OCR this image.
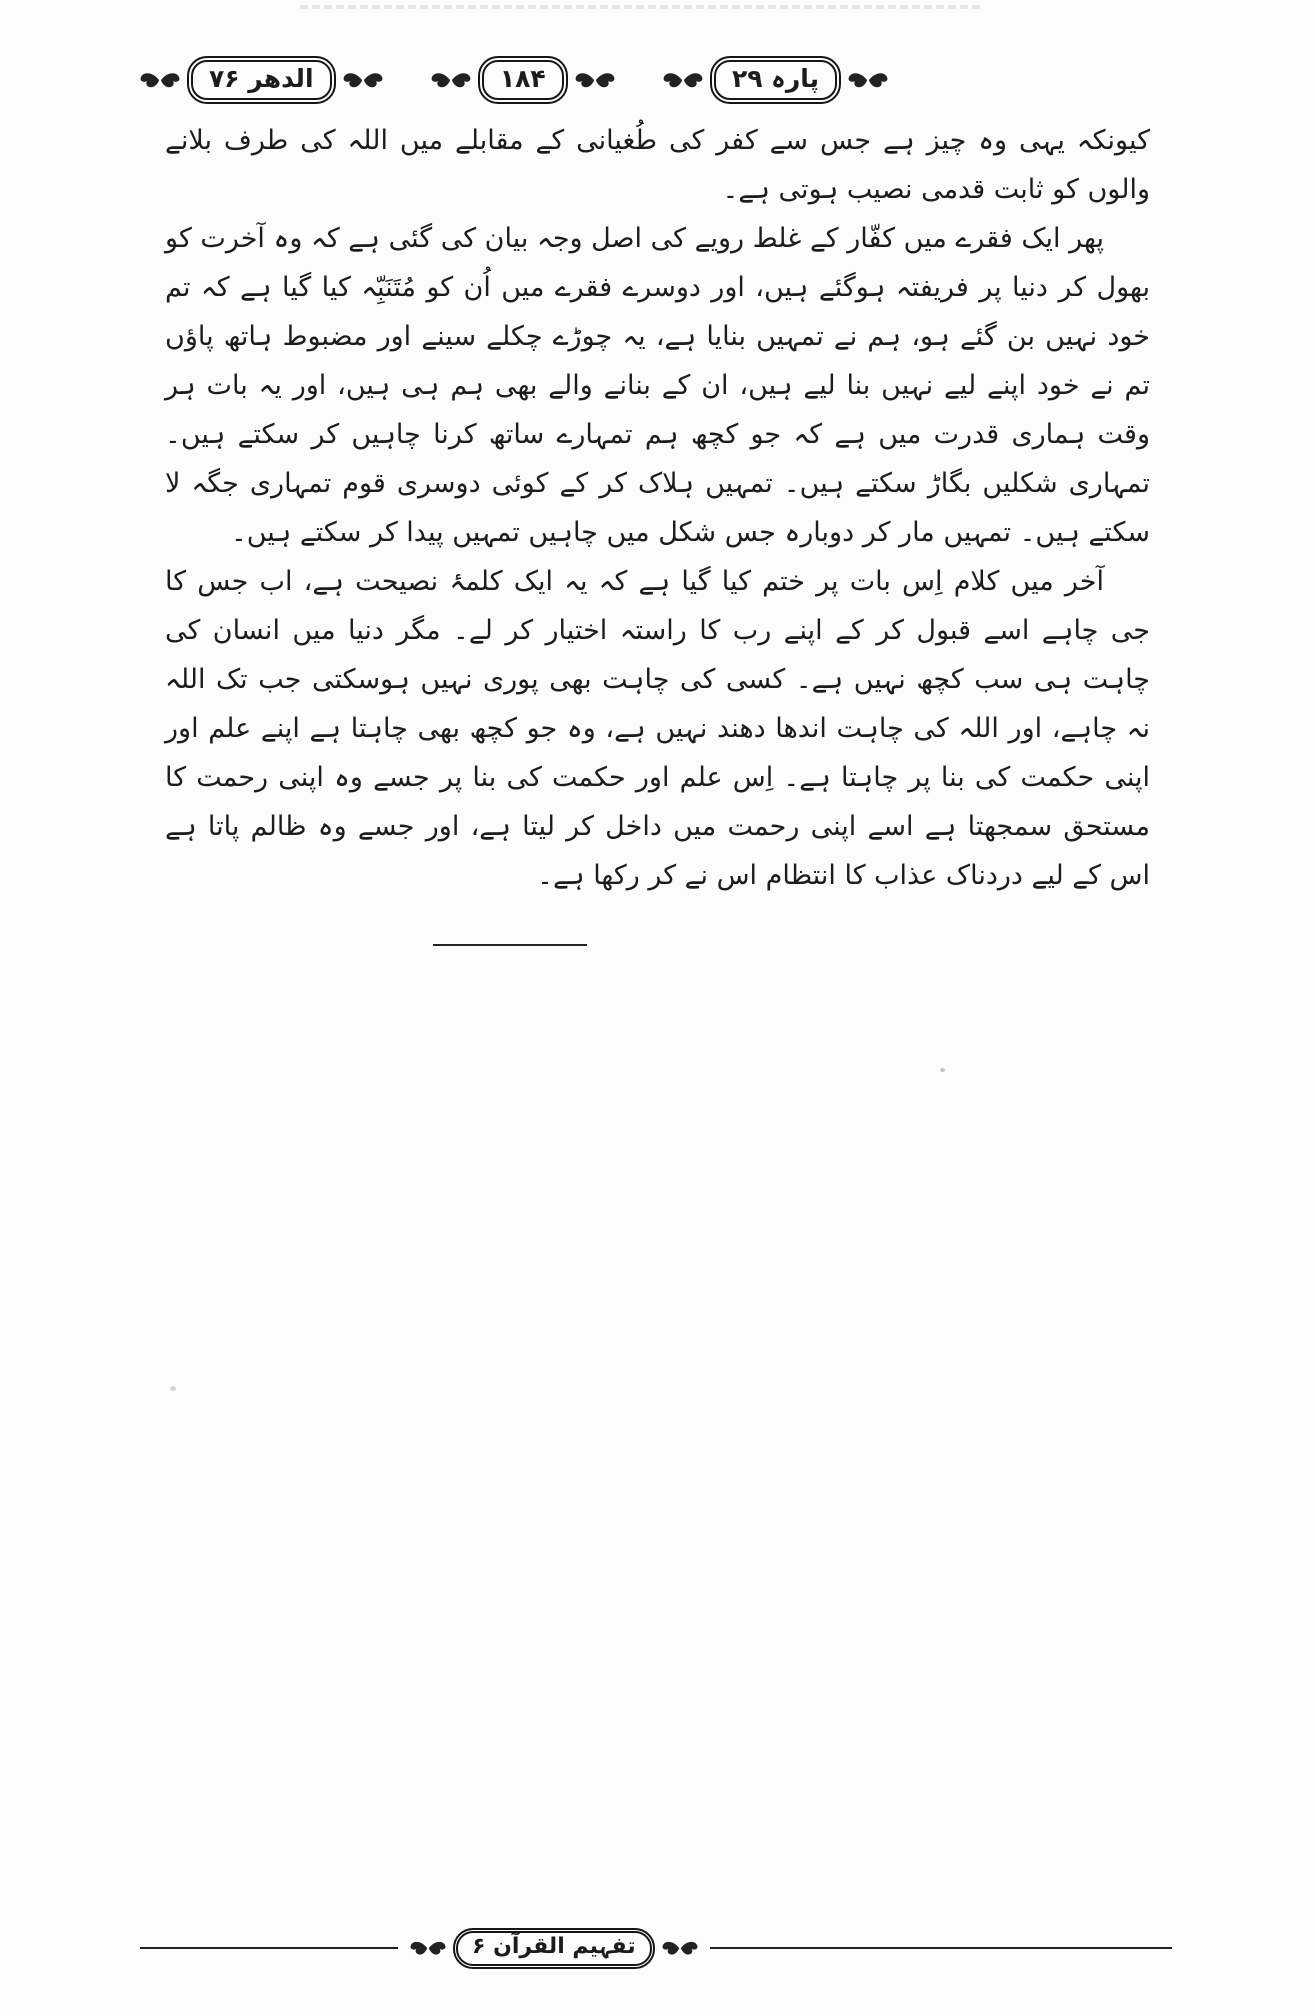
پارہ ۲۹
۱۸۴
الدھر ۷۶

کیونکہ یہی وہ چیز ہے جس سے کفر کی طُغیانی کے مقابلے میں اللہ کی طرف بلانے والوں کو ثابت قدمی نصیب ہوتی ہے۔

پھر ایک فقرے میں کفّار کے غلط رویے کی اصل وجہ بیان کی گئی ہے کہ وہ آخرت کو بھول کر دنیا پر فریفتہ ہوگئے ہیں، اور دوسرے فقرے میں اُن کو مُتَنَبِّہ کیا گیا ہے کہ تم خود نہیں بن گئے ہو، ہم نے تمہیں بنایا ہے، یہ چوڑے چکلے سینے اور مضبوط ہاتھ پاؤں تم نے خود اپنے لیے نہیں بنا لیے ہیں، ان کے بنانے والے بھی ہم ہی ہیں، اور یہ بات ہر وقت ہماری قدرت میں ہے کہ جو کچھ ہم تمہارے ساتھ کرنا چاہیں کر سکتے ہیں۔ تمہاری شکلیں بگاڑ سکتے ہیں۔ تمہیں ہلاک کر کے کوئی دوسری قوم تمہاری جگہ لا سکتے ہیں۔ تمہیں مار کر دوبارہ جس شکل میں چاہیں تمہیں پیدا کر سکتے ہیں۔

آخر میں کلام اِس بات پر ختم کیا گیا ہے کہ یہ ایک کلمۂ نصیحت ہے، اب جس کا جی چاہے اسے قبول کر کے اپنے رب کا راستہ اختیار کر لے۔ مگر دنیا میں انسان کی چاہت ہی سب کچھ نہیں ہے۔ کسی کی چاہت بھی پوری نہیں ہوسکتی جب تک اللہ نہ چاہے، اور اللہ کی چاہت اندھا دھند نہیں ہے، وہ جو کچھ بھی چاہتا ہے اپنے علم اور اپنی حکمت کی بنا پر چاہتا ہے۔ اِس علم اور حکمت کی بنا پر جسے وہ اپنی رحمت کا مستحق سمجھتا ہے اسے اپنی رحمت میں داخل کر لیتا ہے، اور جسے وہ ظالم پاتا ہے اس کے لیے دردناک عذاب کا انتظام اس نے کر رکھا ہے۔

تفہیم القرآن ۶
